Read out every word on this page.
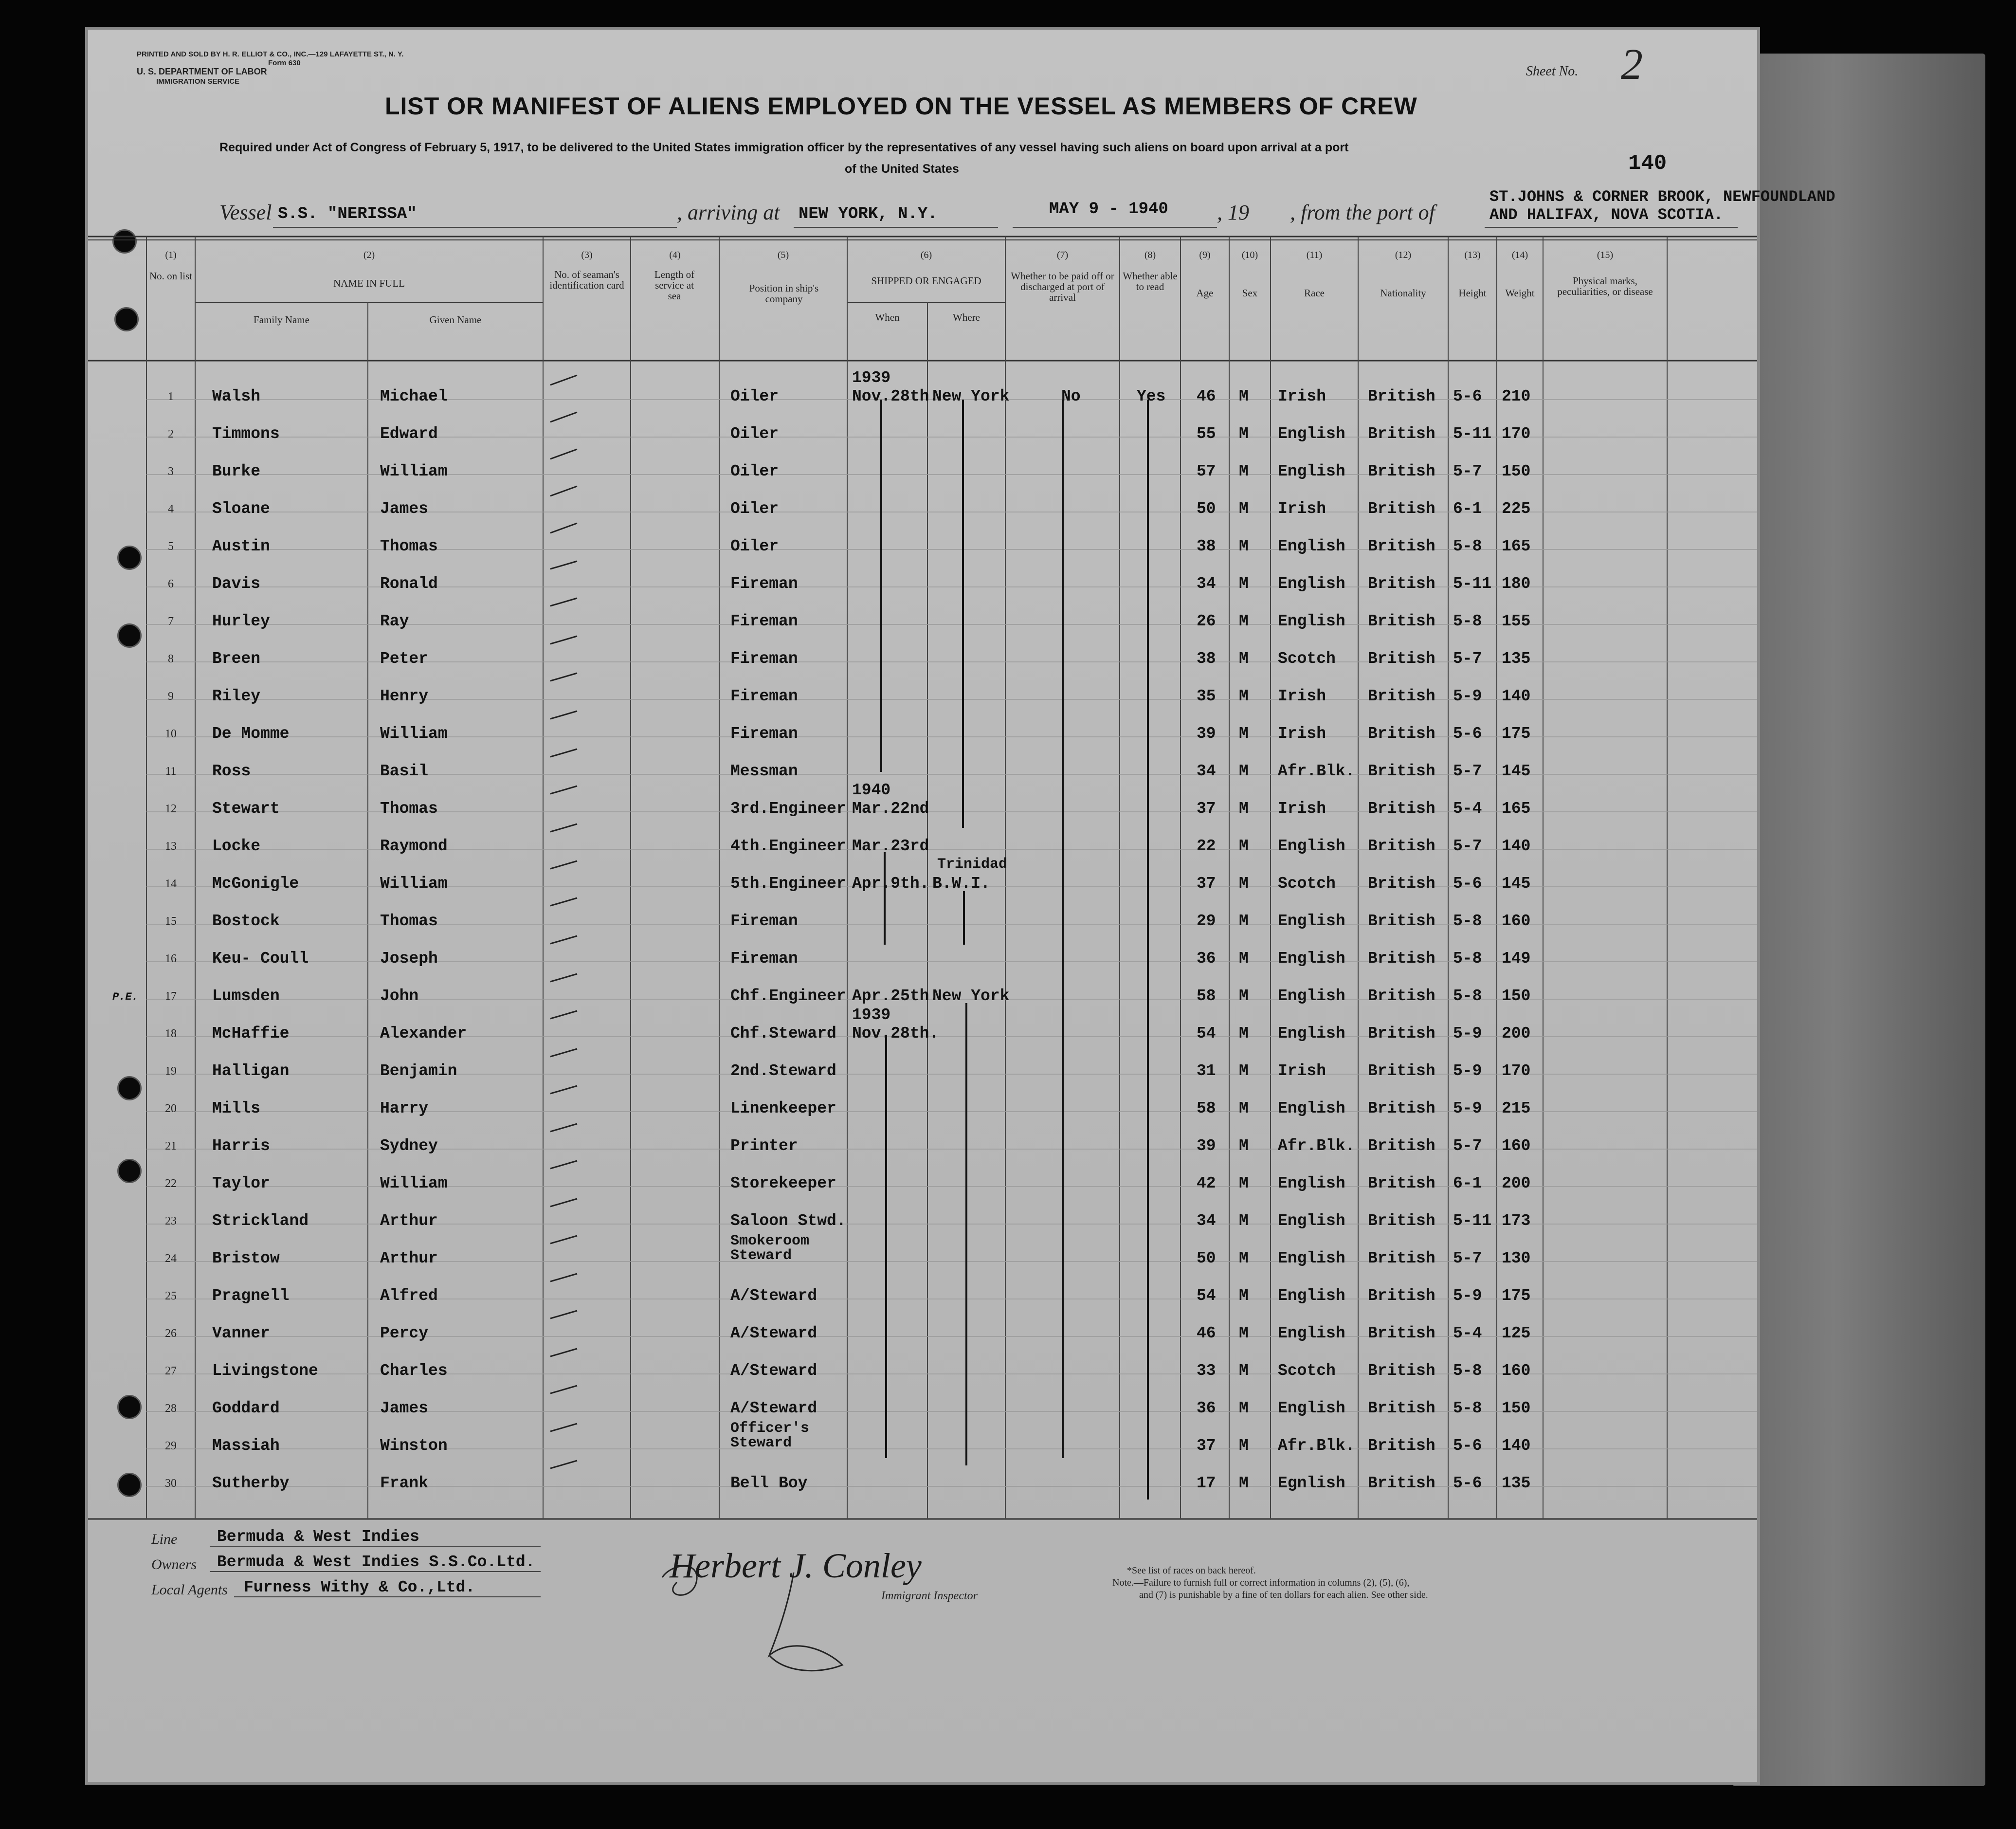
PRINTED AND SOLD BY H. R. ELLIOT & CO., INC.—129 LAFAYETTE ST., N. Y.
Form 630
U. S. DEPARTMENT OF LABOR
IMMIGRATION SERVICE
Sheet No. 2
140
LIST OR MANIFEST OF ALIENS EMPLOYED ON THE VESSEL AS MEMBERS OF CREW
Required under Act of Congress of February 5, 1917, to be delivered to the United States immigration officer by the representatives of any vessel having such aliens on board upon arrival at a port
of the United States
Vessel S.S. "NERISSA"	, arriving at NEW YORK, N.Y.	MAY 9 - 1940 , 19 , from the port of
ST.JOHNS & CORNER BROOK, NEWFOUNDLAND
AND HALIFAX, NOVA SCOTIA.
(1)
No. on list
(2)
NAME IN FULL
Family Name	Given Name
(3)
No. of seaman's identification card
(4)
Length of service at sea
(5)
Position in ship's company
(6)
SHIPPED OR ENGAGED
When	Where
(7)
Whether to be paid off or discharged at port of arrival
(8)
Whether able to read
(9)
Age
(10)
Sex
(11)
Race
(12)
Nationality
(13)
Height
(14)
Weight
(15)
Physical marks, peculiarities, or disease
1	Walsh	Michael	Oiler
1939
Nov.28th.
New York	No	Yes 46 M Irish	British 5-6 210
2	Timmons	Edward	Oiler	55 M English British 5-11 170
3	Burke	William	Oiler	57 M English British 5-7 150
4	Sloane	James	Oiler	50 M Irish	British 6-1 225
5	Austin	Thomas	Oiler	38 M English British 5-8 165
6	Davis	Ronald	Fireman	34 M English British 5-11 180
7	Hurley	Ray	Fireman	26 M English British 5-8 155
8	Breen	Peter	Fireman	38 M Scotch British 5-7 135
9	Riley	Henry	Fireman	35 M Irish	British 5-9 140
10	De Momme	William	Fireman	39 M Irish	British 5-6 175
11	Ross	Basil	Messman	34 M Afr.Blk. British 5-7 145
12	Stewart	Thomas	3rd.Engineer
1940
Mar.22nd	37 M Irish	British 5-4 165
13	Locke	Raymond	4th.Engineer Mar.23rd	22 M English British 5-7 140
14	McGonigle	William	5th.Engineer Apr.9th.
Trinidad
B.W.I.	37 M Scotch British 5-6 145
15	Bostock	Thomas	Fireman	29 M English British 5-8 160
16	Keu- Coull	Joseph	Fireman	36 M English British 5-8 149
17	Lumsden	John	Chf.Engineer Apr.25th.
New York	58 M English British 5-8 150
P.E.
18	McHaffie	Alexander	Chf.Steward
1939
Nov.28th.	54 M English British 5-9 200
19	Halligan	Benjamin	2nd.Steward	31 M Irish	British 5-9 170
20	Mills	Harry	Linenkeeper	58 M English British 5-9 215
21	Harris	Sydney	Printer	39 M Afr.Blk. British 5-7 160
22	Taylor	William	Storekeeper	42 M English British 6-1 200
23	Strickland	Arthur	Saloon Stwd.	34 M English British 5-11 173
24	Bristow	Arthur
Smokeroom
Steward	50 M English British 5-7 130
25	Pragnell	Alfred	A/Steward	54 M English British 5-9 175
26	Vanner	Percy	A/Steward	46 M English British 5-4 125
27	Livingstone	Charles	A/Steward	33 M Scotch British 5-8 160
28	Goddard	James	A/Steward	36 M English British 5-8 150
29	Massiah	Winston
Officer's
Steward	37 M Afr.Blk. British 5-6 140
30	Sutherby	Frank	Bell Boy	17 M Egnlish British 5-6 135
Line Bermuda & West Indies
Owners Bermuda & West Indies S.S.Co.Ltd.
Local Agents Furness Withy & Co.,Ltd.
Herbert J. Conley
Immigrant Inspector
*See list of races on back hereof.
Note.—Failure to furnish full or correct information in columns (2), (5), (6),
and (7) is punishable by a fine of ten dollars for each alien. See other side.
